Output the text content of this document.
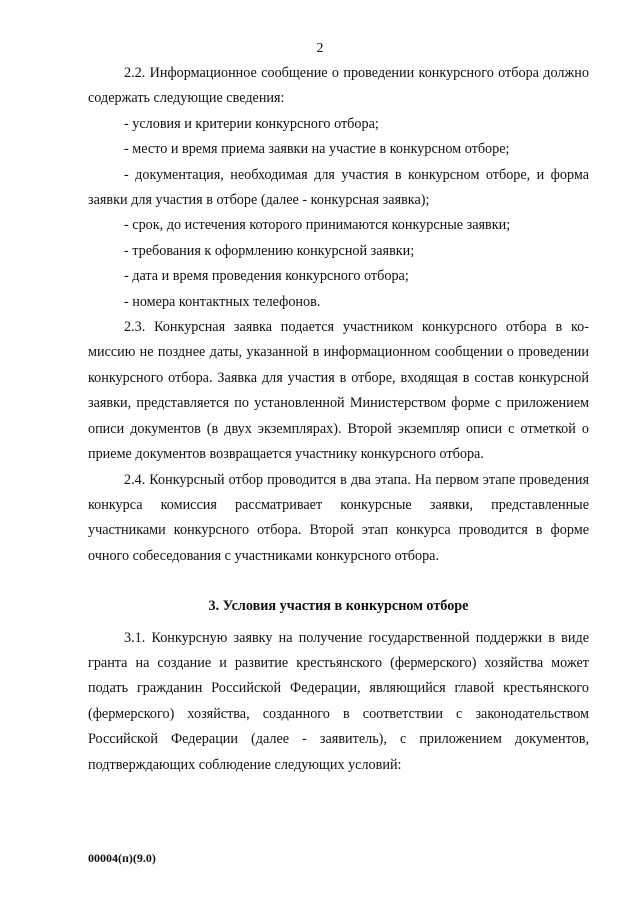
2

2.2. Информационное сообщение о проведении конкурсного отбора должно содержать следующие сведения:

- условия и критерии конкурсного отбора;

- место и время приема заявки на участие в конкурсном отборе;

- документация, необходимая для участия в конкурсном отборе, и форма заявки для участия в отборе (далее - конкурсная заявка);

- срок, до истечения которого принимаются конкурсные заявки;

- требования к оформлению конкурсной заявки;

- дата и время проведения конкурсного отбора;

- номера контактных телефонов.

2.3. Конкурсная заявка подается участником конкурсного отбора в комиссию не позднее даты, указанной в информационном сообщении о проведении конкурсного отбора. Заявка для участия в отборе, входящая в состав конкурсной заявки, представляется по установленной Министерством форме с приложением описи документов (в двух экземплярах). Второй экземпляр описи с отметкой о приеме документов возвращается участнику конкурсного отбора.

2.4. Конкурсный отбор проводится в два этапа. На первом этапе проведения конкурса комиссия рассматривает конкурсные заявки, представленные участниками конкурсного отбора. Второй этап конкурса проводится в форме очного собеседования с участниками конкурсного отбора.

3. Условия участия в конкурсном отборе

3.1. Конкурсную заявку на получение государственной поддержки в виде гранта на создание и развитие крестьянского (фермерского) хозяйства может подать гражданин Российской Федерации, являющийся главой крестьянского (фермерского) хозяйства, созданного в соответствии с законодательством Российской Федерации (далее - заявитель), с приложением документов, подтверждающих соблюдение следующих условий:

00004(п)(9.0)
